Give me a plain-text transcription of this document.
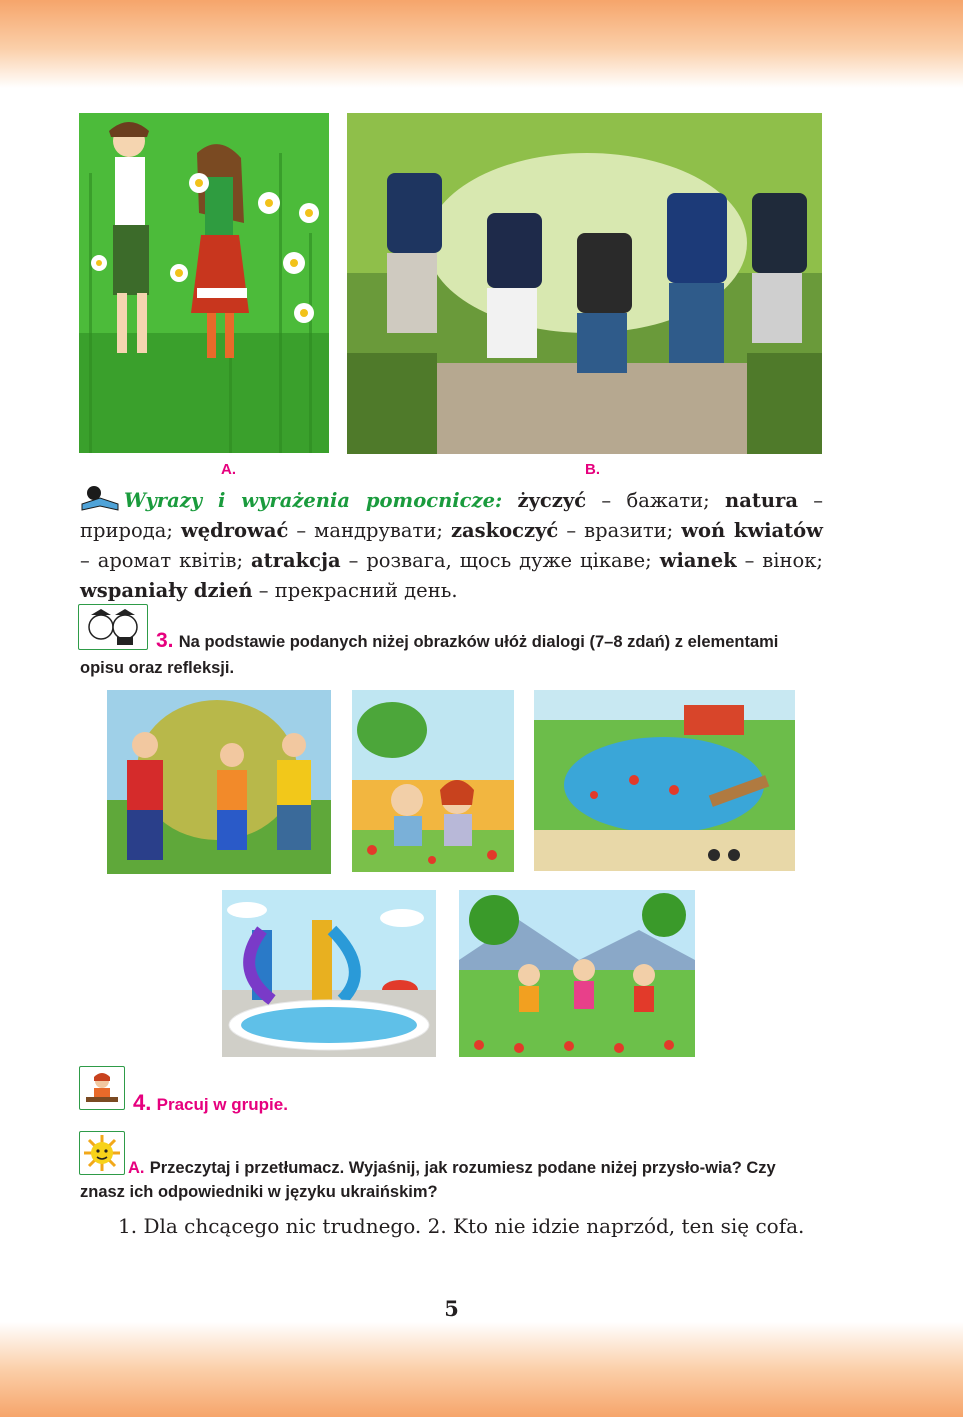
A.	B.
Wyrazy i wyrażenia pomocnicze: życzyć – бажати; natura – природа; wędrować – мандрувати; zaskoczyć – вразити; woń kwiatów – аромат квітів; atrakcja – розвага, щось дуже цікаве; wianek – вінок; wspaniały dzień – прекрасний день.
3. Na podstawie podanych niżej obrazków ułóż dialogi (7–8 zdań) z elementami opisu oraz refleksji.
4. Pracuj w grupie.
A. Przeczytaj i przetłumacz. Wyjaśnij, jak rozumiesz podane niżej przysło-wia? Czy znasz ich odpowiedniki w języku ukraińskim?
1. Dla chcącego nic trudnego. 2. Kto nie idzie naprzód, ten się cofa.
5
